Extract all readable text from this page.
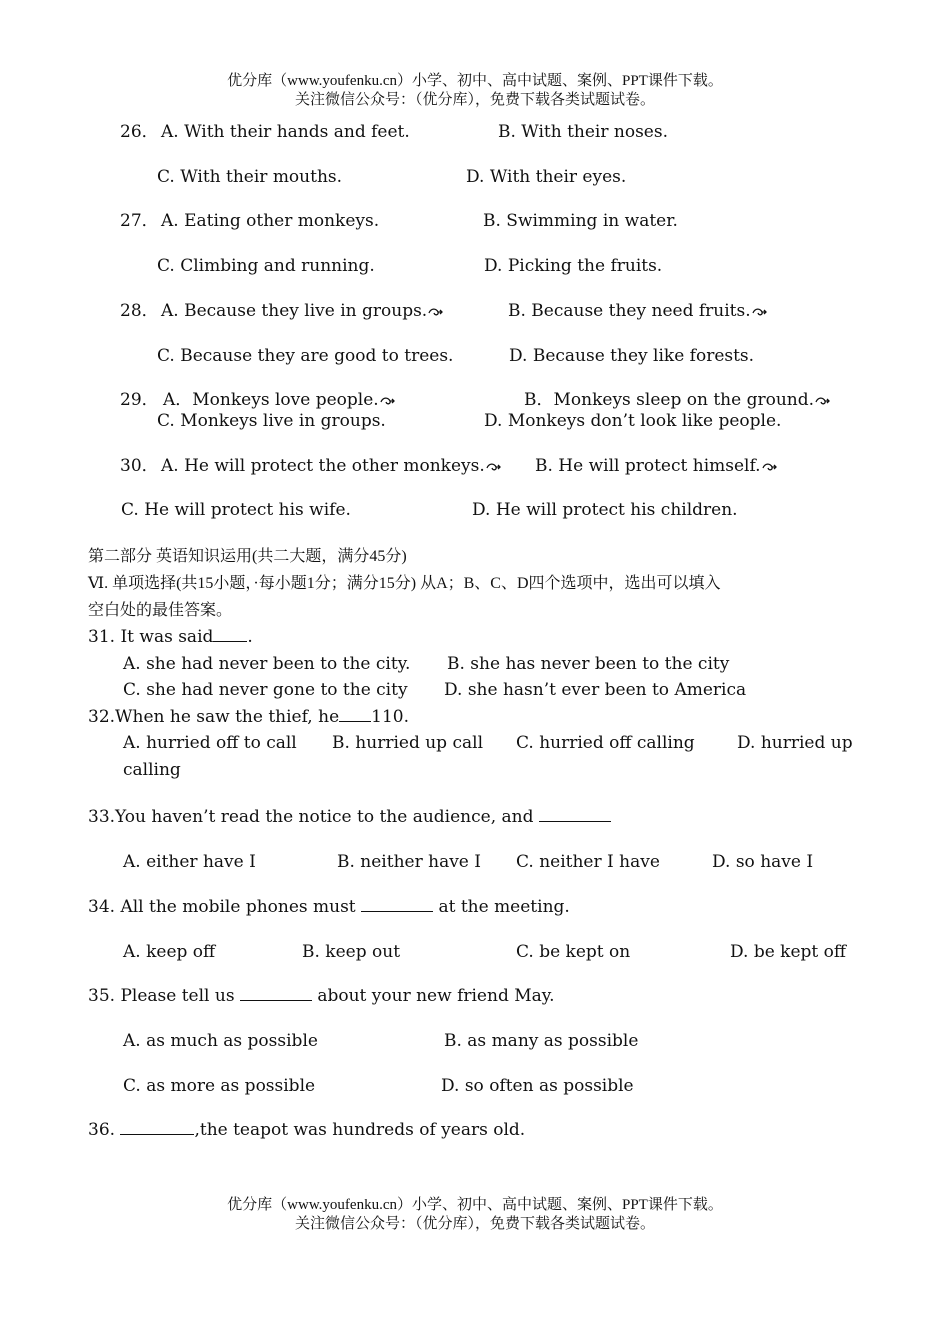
优分库（www.youfenku.cn）小学、初中、高中试题、案例、PPT课件下载。
关注微信公众号：（优分库），免费下载各类试题试卷。
26． A. With their hands and feet.	B. With their noses.
C. With their mouths.	D. With their eyes.
27． A. Eating other monkeys.	B. Swimming in water.
C. Climbing and running.	D. Picking the fruits.
28． A. Because they live in groups.	B. Because they need fruits.
C. Because they are good to trees.	D. Because they like forests.
29． A．Monkeys love people.	B．Monkeys sleep on the ground.
C. Monkeys live in groups.	D. Monkeys don’t look like people.
30． A. He will protect the other monkeys.	B. He will protect himself.
C. He will protect his wife.	D. He will protect his children.
第二部分 英语知识运用(共二大题，满分45分)
Ⅵ. 单项选择(共15小题，·每小题1分；满分15分) 从A；B、C、D四个选项中，选出可以填入
空白处的最佳答案。
31. It was said .
A. she had never been to the city. B. she has never been to the city
C. she had never gone to the city D. she hasn’t ever been to America
32.When he saw the thief, he 110.
A. hurried off to call B. hurried up call C. hurried off calling D. hurried up
calling
33.You haven’t read the notice to the audience, and
A. either have I	B. neither have I C. neither I have	D. so have I
34. All the mobile phones must	at the meeting.
A. keep off	B. keep out	C. be kept on	D. be kept off
35. Please tell us	about your new friend May.
A. as much as possible	B. as many as possible
C. as more as possible	D. so often as possible
36.	,the teapot was hundreds of years old.
优分库（www.youfenku.cn）小学、初中、高中试题、案例、PPT课件下载。
关注微信公众号：（优分库），免费下载各类试题试卷。
